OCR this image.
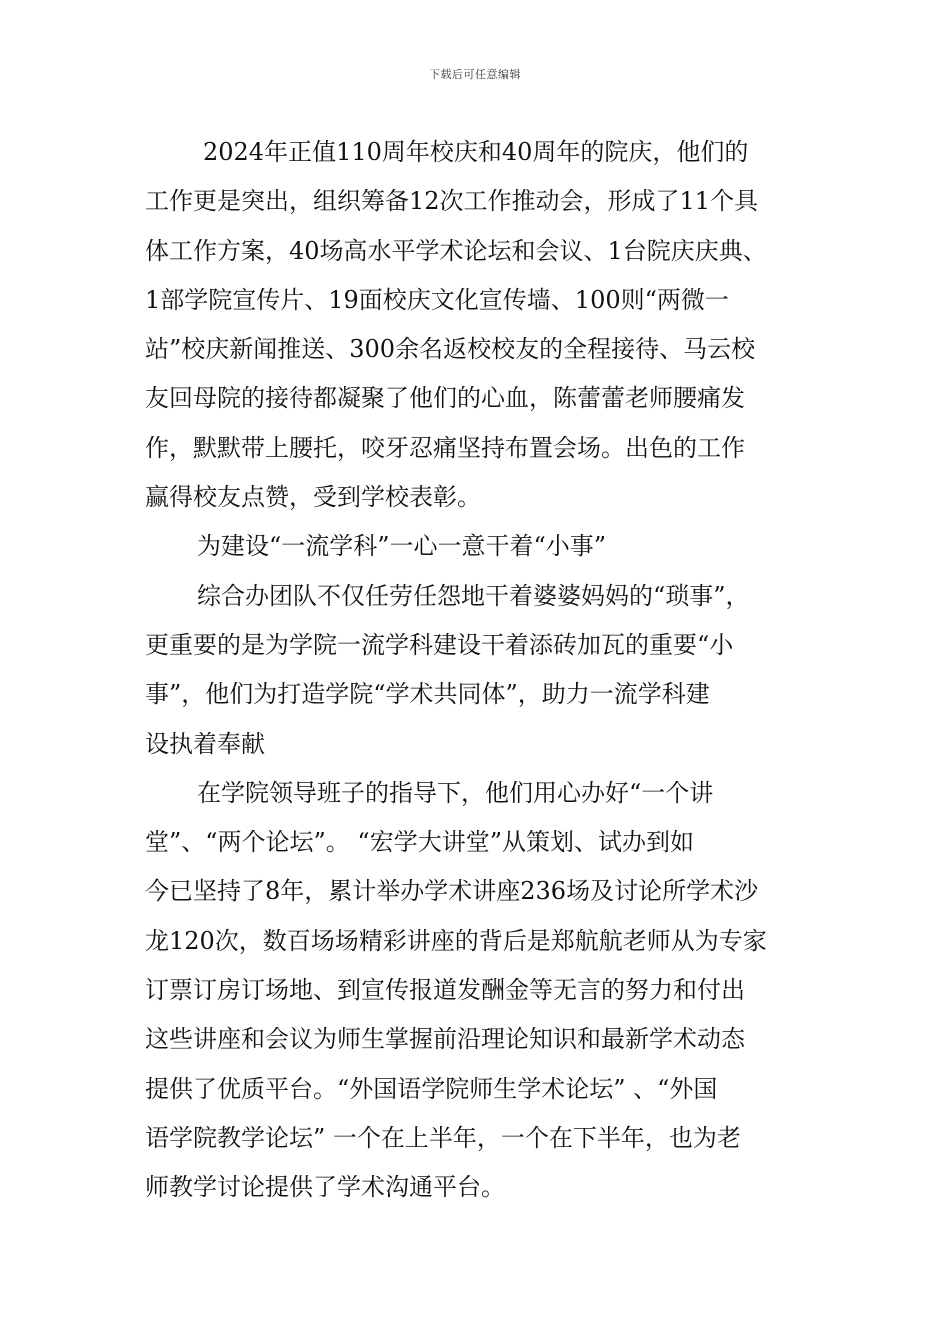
下载后可任意编辑
2024年正值110周年校庆和40周年的院庆，他们的
工作更是突出，组织筹备12次工作推动会，形成了11个具
体工作方案，40场高水平学术论坛和会议、1台院庆庆典、
1部学院宣传片、19面校庆文化宣传墙、100则“两微一
站”校庆新闻推送、300余名返校校友的全程接待、马云校
友回母院的接待都凝聚了他们的心血，陈蕾蕾老师腰痛发
作，默默带上腰托，咬牙忍痛坚持布置会场。出色的工作
赢得校友点赞，受到学校表彰。
为建设“一流学科”一心一意干着“小事”
综合办团队不仅任劳任怨地干着婆婆妈妈的“琐事”，
更重要的是为学院一流学科建设干着添砖加瓦的重要“小
事”，他们为打造学院“学术共同体”，助力一流学科建
设执着奉献
在学院领导班子的指导下，他们用心办好“一个讲
堂”、“两个论坛”。 “宏学大讲堂”从策划、试办到如
今已坚持了8年，累计举办学术讲座236场及讨论所学术沙
龙120次，数百场场精彩讲座的背后是郑航航老师从为专家
订票订房订场地、到宣传报道发酬金等无言的努力和付出
这些讲座和会议为师生掌握前沿理论知识和最新学术动态
提供了优质平台。“外国语学院师生学术论坛” 、“外国
语学院教学论坛” 一个在上半年，一个在下半年，也为老
师教学讨论提供了学术沟通平台。
